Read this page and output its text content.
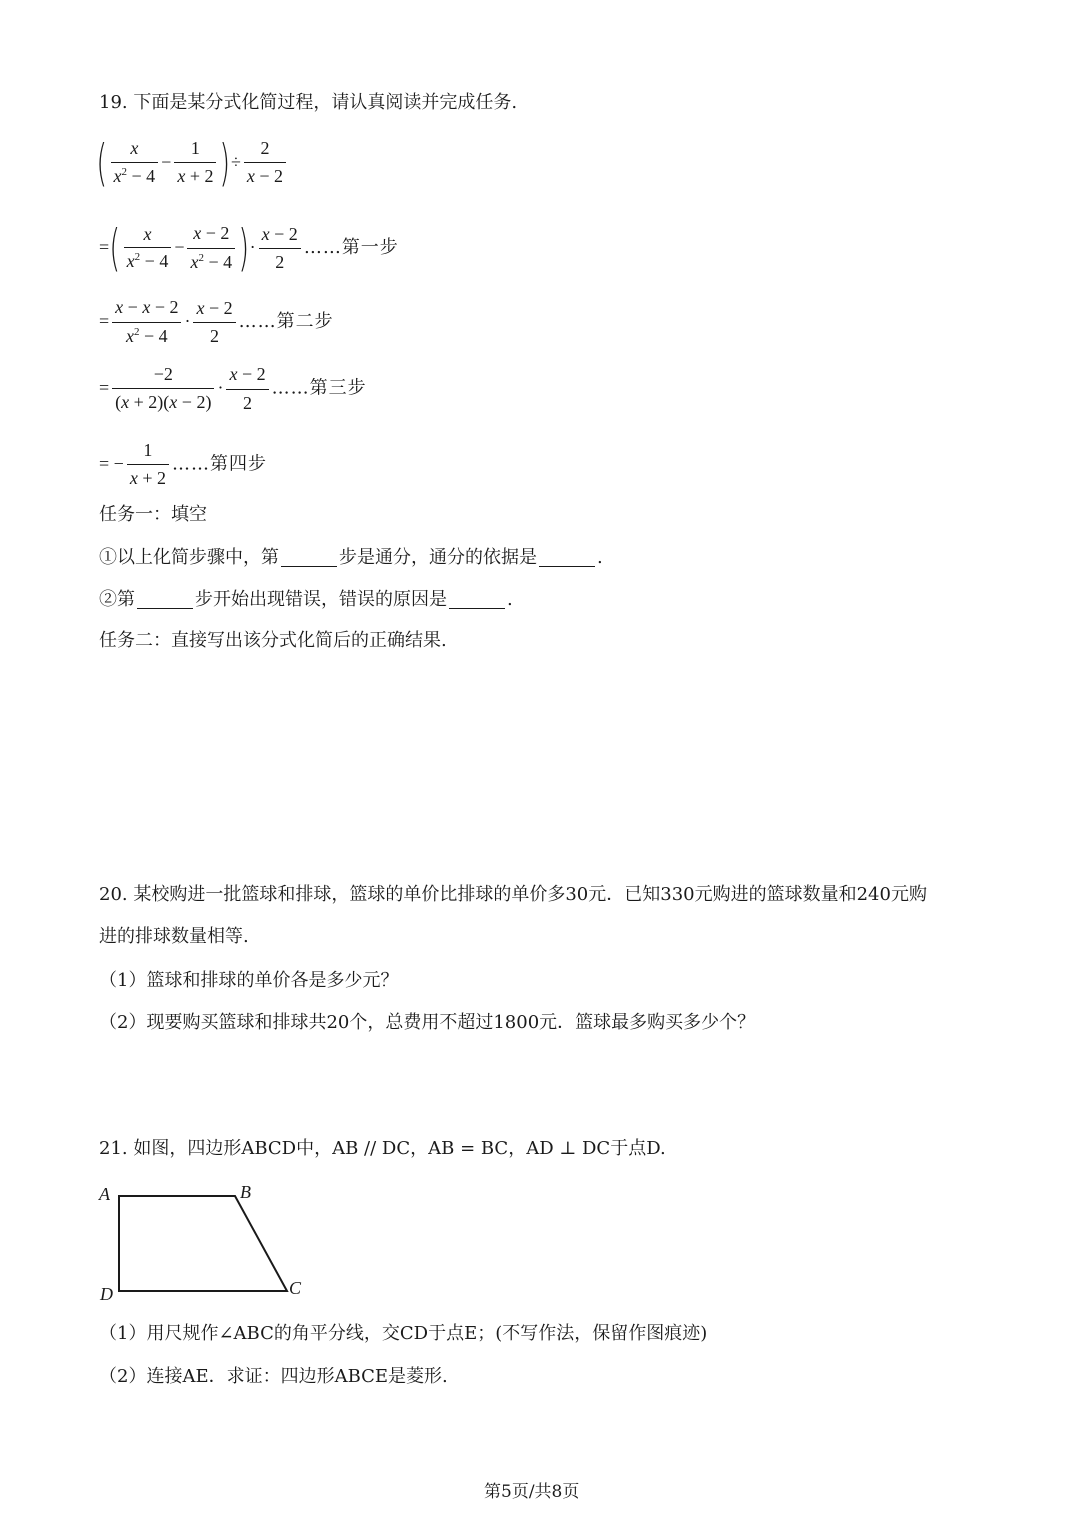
19. 下面是某分式化简过程，请认真阅读并完成任务.
( $\frac{x}{x^2 - 4} - \frac{1}{x + 2}$ )÷ $\frac{2}{x - 2}$
=( $\frac{x}{x^2 - 4} - \frac{x - 2}{x^2 - 4}$ )· $\frac{x - 2}{2}$ ……第一步
= $\frac{x - x - 2}{x^2 - 4} \cdot \frac{x - 2}{2}$ ……第二步
= $\frac{-2}{(x + 2)(x - 2)} \cdot \frac{x - 2}{2}$ ……第三步
= − $\frac{1}{x + 2}$ ……第四步
任务一：填空
①以上化简步骤中，第	步是通分，通分的依据是	.
②第	步开始出现错误，错误的原因是	.
任务二：直接写出该分式化简后的正确结果.
20. 某校购进一批篮球和排球，篮球的单价比排球的单价多30元．已知330元购进的篮球数量和240元购
进的排球数量相等.
（1）篮球和排球的单价各是多少元？
（2）现要购买篮球和排球共20个，总费用不超过1800元．篮球最多购买多少个？
21. 如图，四边形ABCD中，AB // DC，AB = BC，AD ⊥ DC于点D.
A	B
C
D
（1）用尺规作∠ABC的角平分线，交CD于点E；(不写作法，保留作图痕迹)
（2）连接AE．求证：四边形ABCE是菱形.
第5页/共8页
